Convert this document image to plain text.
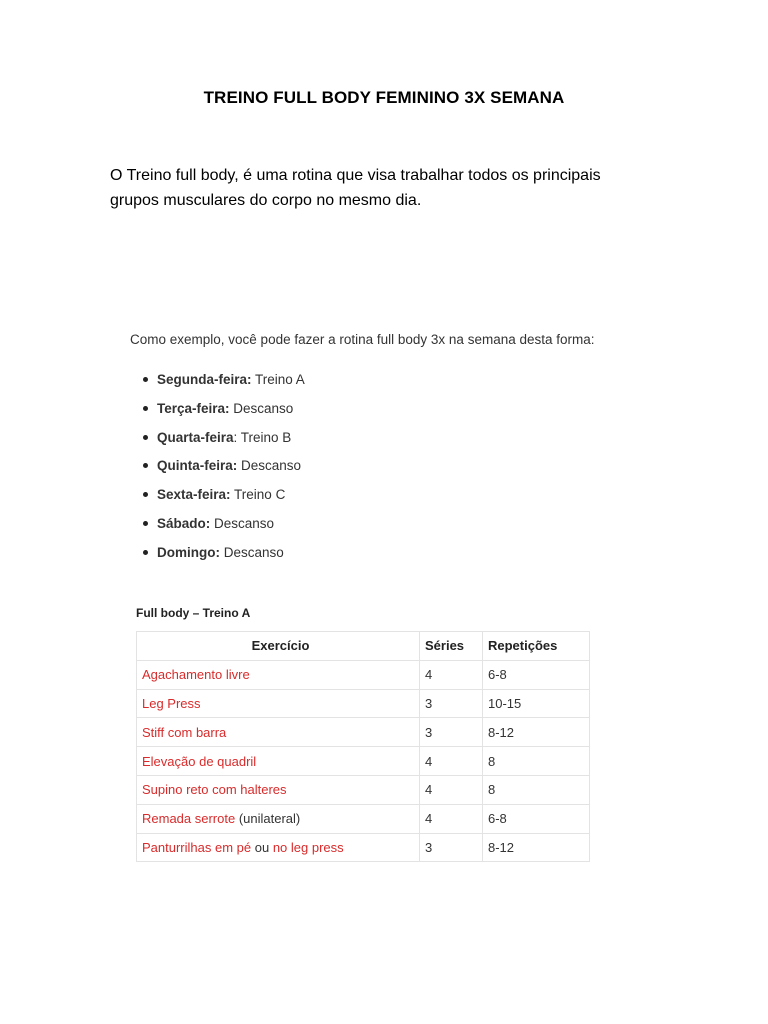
TREINO FULL BODY FEMININO 3X SEMANA

O Treino full body, é uma rotina que visa trabalhar todos os principais grupos musculares do corpo no mesmo dia.

Como exemplo, você pode fazer a rotina full body 3x na semana desta forma:

Segunda-feira: Treino A
Terça-feira: Descanso
Quarta-feira: Treino B
Quinta-feira: Descanso
Sexta-feira: Treino C
Sábado: Descanso
Domingo: Descanso

Full body – Treino A

Exercício	Séries	Repetições
Agachamento livre	4	6-8
Leg Press	3	10-15
Stiff com barra	3	8-12
Elevação de quadril	4	8
Supino reto com halteres	4	8
Remada serrote (unilateral)	4	6-8
Panturrilhas em pé ou no leg press	3	8-12
